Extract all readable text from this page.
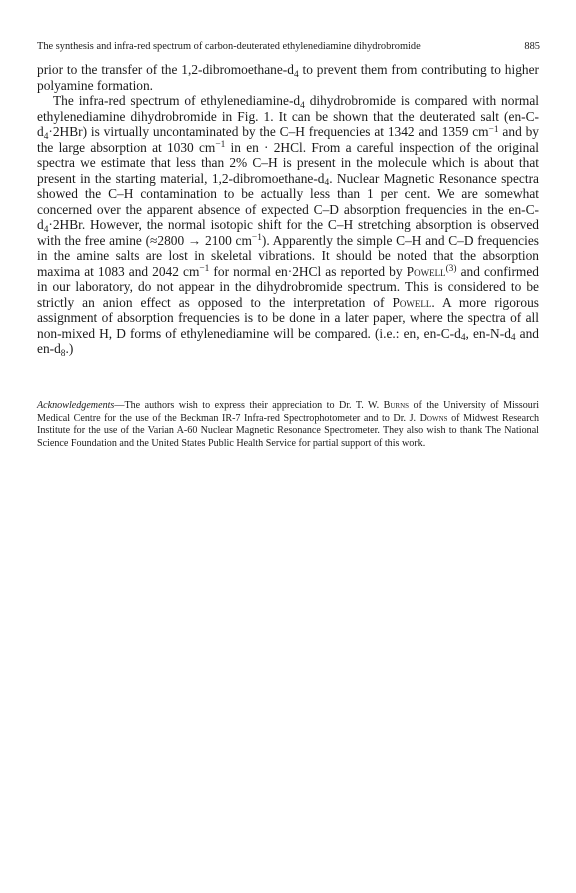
The synthesis and infra-red spectrum of carbon-deuterated ethylenediamine dihydrobromide	885

prior to the transfer of the $1,2-dibromoethane-d_4$ to prevent them from contributing to higher polyamine formation.

The infra-red spectrum of ethylenediamine-$d_4$ dihydrobromide is compared with normal ethylenediamine dihydrobromide in Fig. 1. It can be shown that the deuterated salt $(en-C-d_4\cdot 2HBr)$ is virtually uncontaminated by the C–H frequencies at 1342 and 1359 $cm^{-1}$ and by the large absorption at 1030 $cm^{-1}$ in en · 2HCl. From a careful inspection of the original spectra we estimate that less than 2% C–H is present in the molecule which is about that present in the starting material, $1,2-dibromoethane-d_4$. Nuclear Magnetic Resonance spectra showed the C–H contamination to be actually less than 1 per cent. We are somewhat concerned over the apparent absence of expected C–D absorption frequencies in the $en-C-d_4\cdot 2HBr$. However, the normal isotopic shift for the C–H stretching absorption is observed with the free amine (≈2800 → 2100 $cm^{-1}$). Apparently the simple C–H and C–D frequencies in the amine salts are lost in skeletal vibrations. It should be noted that the absorption maxima at 1083 and 2042 $cm^{-1}$ for normal en·2HCl as reported by Powell$^{(3)}$ and confirmed in our laboratory, do not appear in the dihydrobromide spectrum. This is considered to be strictly an anion effect as opposed to the interpretation of Powell. A more rigorous assignment of absorption frequencies is to be done in a later paper, where the spectra of all non-mixed H, D forms of ethylenediamine will be compared. (i.e.: en, $en-C-d_4$, $en-N-d_4$ and $en-d_8$.)

Acknowledgements—The authors wish to express their appreciation to Dr. T. W. Burns of the University of Missouri Medical Centre for the use of the Beckman IR-7 Infra-red Spectrophotometer and to Dr. J. Downs of Midwest Research Institute for the use of the Varian A-60 Nuclear Magnetic Resonance Spectrometer. They also wish to thank The National Science Foundation and the United States Public Health Service for partial support of this work.
